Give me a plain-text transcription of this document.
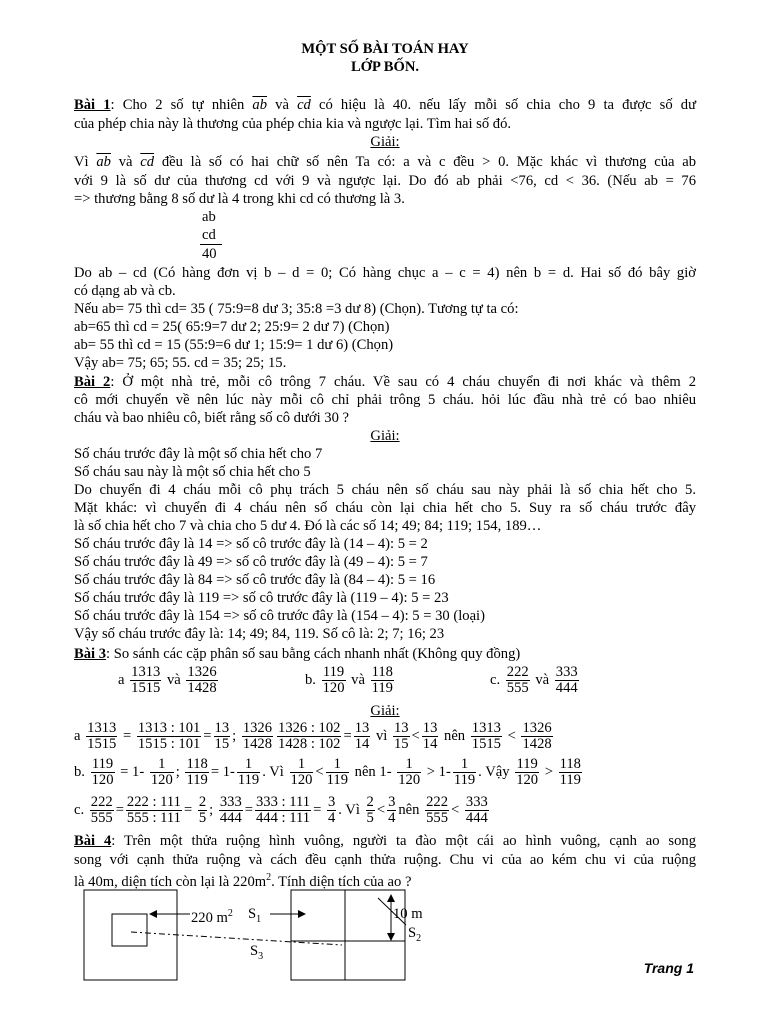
MỘT SỐ BÀI TOÁN HAY
LỚP BỐN.
Bài 1: Cho 2 số tự nhiên $\overline{ab}$ và $\overline{cd}$ có hiệu là 40. nếu lấy mỗi số chia cho 9 ta được số dư
của phép chia này là thương của phép chia kia và ngược lại. Tìm hai số đó.
Giải:
Vì $\overline{ab}$ và $\overline{cd}$ đều là số có hai chữ số nên Ta có: a và c đều > 0. Mặc khác vì thương của ab
với 9 là số dư của thương cd với 9 và ngược lại. Do đó ab phải <76, cd < 36. (Nếu ab = 76
=> thương bằng 8 số dư là 4 trong khi cd có thương là 3.
ab
cd
40
Do ab – cd (Có hàng đơn vị b – d = 0; Có hàng chục a – c = 4) nên b = d. Hai số đó bây giờ
có dạng ab và cb.
Nếu ab= 75 thì cd= 35 ( 75:9=8 dư 3; 35:8 =3 dư 8) (Chọn). Tương tự ta có:
ab=65 thì cd = 25( 65:9=7 dư 2; 25:9= 2 dư 7) (Chọn)
ab= 55 thì cd = 15 (55:9=6 dư 1; 15:9= 1 dư 6) (Chọn)
Vậy ab= 75; 65; 55. cd = 35; 25; 15.
Bài 2: Ở một nhà trẻ, mỗi cô trông 7 cháu. Về sau có 4 cháu chuyển đi nơi khác và thêm 2
cô mới chuyển về nên lúc này mỗi cô chỉ phải trông 5 cháu. hỏi lúc đầu nhà trẻ có bao nhiêu
cháu và bao nhiêu cô, biết rằng số cô dưới 30 ?
Giải:
Số cháu trước đây là một số chia hết cho 7
Số cháu sau này là một số chia hết cho 5
Do chuyển đi 4 cháu mỗi cô phụ trách 5 cháu nên số cháu sau này phải là số chia hết cho 5.
Mặt khác: vì chuyển đi 4 cháu nên số cháu còn lại chia hết cho 5. Suy ra số cháu trước đây
là số chia hết cho 7 và chia cho 5 dư 4. Đó là các số 14; 49; 84; 119; 154, 189…
Số cháu trước đây là 14 => số cô trước đây là (14 – 4): 5 = 2
Số cháu trước đây là 49 => số cô trước đây là (49 – 4): 5 = 7
Số cháu trước đây là 84 => số cô trước đây là (84 – 4): 5 = 16
Số cháu trước đây là 119 => số cô trước đây là (119 – 4): 5 = 23
Số cháu trước đây là 154 => số cô trước đây là (154 – 4): 5 = 30 (loại)
Vậy số cháu trước đây là: 14; 49; 84, 119. Số cô là: 2; 7; 16; 23
Bài 3: So sánh các cặp phân số sau bằng cách nhanh nhất (Không quy đồng)
a $\frac{1313}{1515}$ và $\frac{1326}{1428}$	b. $\frac{119}{120}$ và $\frac{118}{119}$	c. $\frac{222}{555}$ và $\frac{333}{444}$
Giải:
a $\frac{1313}{1515} = \frac{1313 : 101}{1515 : 101} = \frac{13}{15}$ ; $\frac{1326}{1428} \frac{1326 : 102}{1428 : 102} = \frac{13}{14}$ vì $\frac{13}{15} < \frac{13}{14}$ nên $\frac{1313}{1515} < \frac{1326}{1428}$
b. $\frac{119}{120} = 1- \frac{1}{120}$ ; $\frac{118}{119} = 1- \frac{1}{119}$ . Vì $\frac{1}{120} < \frac{1}{119}$ nên $1- \frac{1}{120} > 1- \frac{1}{119}$ . Vậy $\frac{119}{120} > \frac{118}{119}$
c. $\frac{222}{555} = \frac{222 : 111}{555 : 111} = \frac{2}{5}$ ; $\frac{333}{444} = \frac{333 : 111}{444 : 111} = \frac{3}{4}$ . Vì $\frac{2}{5} < \frac{3}{4}$ nên $\frac{222}{555} < \frac{333}{444}$
Bài 4: Trên một thửa ruộng hình vuông, người ta đào một cái ao hình vuông, cạnh ao song
song với cạnh thửa ruộng và cách đều cạnh thửa ruộng. Chu vi của ao kém chu vi của ruộng
là 40m, diện tích còn lại là $220m^2$. Tính diện tích của ao ?
220 $m^2$ $S_1$	10 m
$S_2$
$S_3$
Trang 1
